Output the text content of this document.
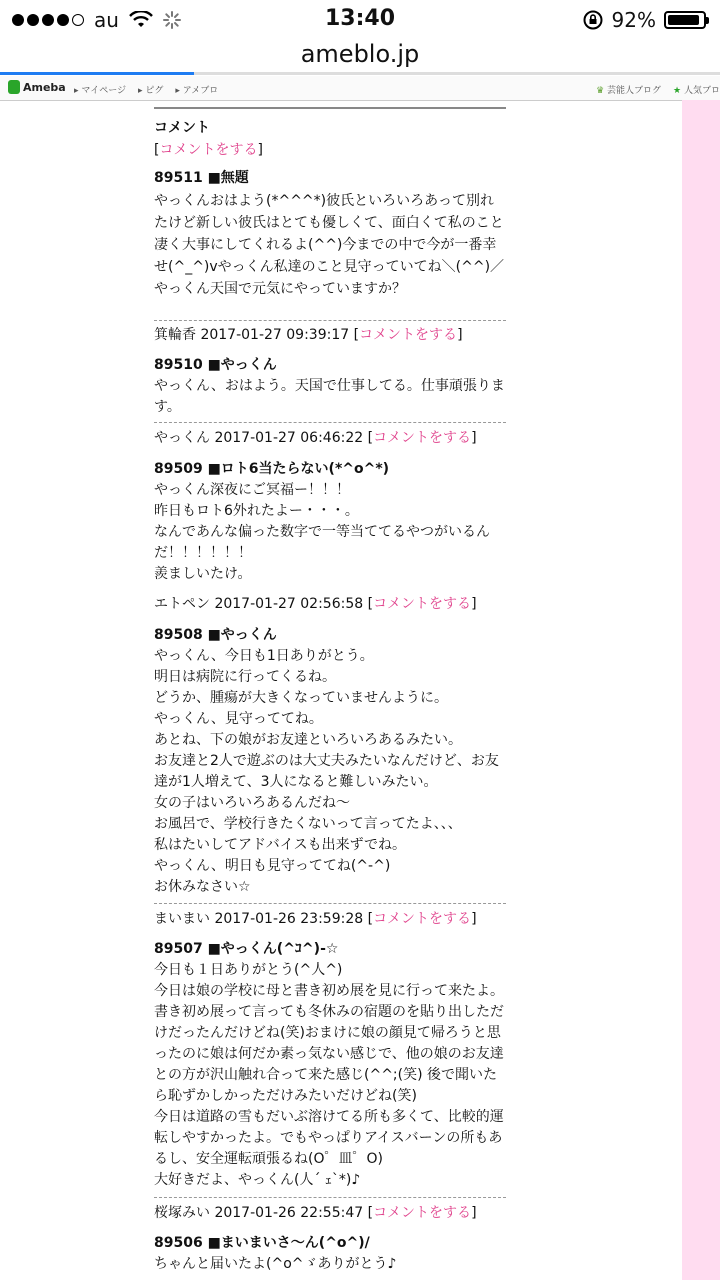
au	13:40	92%
ameblo.jp
Ameba ▸ マイページ ▸ ピグ ▸ アメブロ	♛ 芸能人ブログ ★ 人気ブロ
コメント
[コメントをする]
89511 ■無題
やっくんおはよう(*^^^*)彼氏といろいろあって別れたけど新しい彼氏はとても優しくて、面白くて私のこと凄く大事にしてくれるよ(^^)今までの中で今が一番幸せ(^_^)vやっくん私達のこと見守っていてね＼(^^)／やっくん天国で元気にやっていますか？
箕輪香 2017-01-27 09:39:17 [コメントをする]
89510 ■やっくん
やっくん、おはよう。天国で仕事してる。仕事頑張ります。
やっくん 2017-01-27 06:46:22 [コメントをする]
89509 ■ロト6当たらない(*^o^*)
やっくん深夜にご冥福ー！！！
昨日もロト6外れたよー・・・。
なんであんな偏った数字で一等当ててるやつがいるんだ！！！！！！
羨ましいたけ。
エトペン 2017-01-27 02:56:58 [コメントをする]
89508 ■やっくん
やっくん、今日も1日ありがとう。
明日は病院に行ってくるね。
どうか、腫瘍が大きくなっていませんように。
やっくん、見守っててね。
あとね、下の娘がお友達といろいろあるみたい。
お友達と2人で遊ぶのは大丈夫みたいなんだけど、お友達が1人増えて、3人になると難しいみたい。
女の子はいろいろあるんだね〜
お風呂で、学校行きたくないって言ってたよ、、、
私はたいしてアドバイスも出来ずでね。
やっくん、明日も見守っててね(^-^)
お休みなさい☆
まいまい 2017-01-26 23:59:28 [コメントをする]
89507 ■やっくん(^ｺ^)-☆
今日も１日ありがとう(^人^)
今日は娘の学校に母と書き初め展を見に行って来たよ。書き初め展って言っても冬休みの宿題のを貼り出しただけだったんだけどね(笑)おまけに娘の顔見て帰ろうと思ったのに娘は何だか素っ気ない感じで、他の娘のお友達との方が沢山触れ合って来た感じ(^^;(笑) 後で聞いたら恥ずかしかっただけみたいだけどね(笑)
今日は道路の雪もだいぶ溶けてる所も多くて、比較的運転しやすかったよ。でもやっぱりアイスバーンの所もあるし、安全運転頑張るね(O゜皿゜O)
大好きだよ、やっくん(人´ ｪ`*)♪
桜塚みい 2017-01-26 22:55:47 [コメントをする]
89506 ■まいまいさ〜ん(^o^)/
ちゃんと届いたよ(^o^ゞありがとう♪
